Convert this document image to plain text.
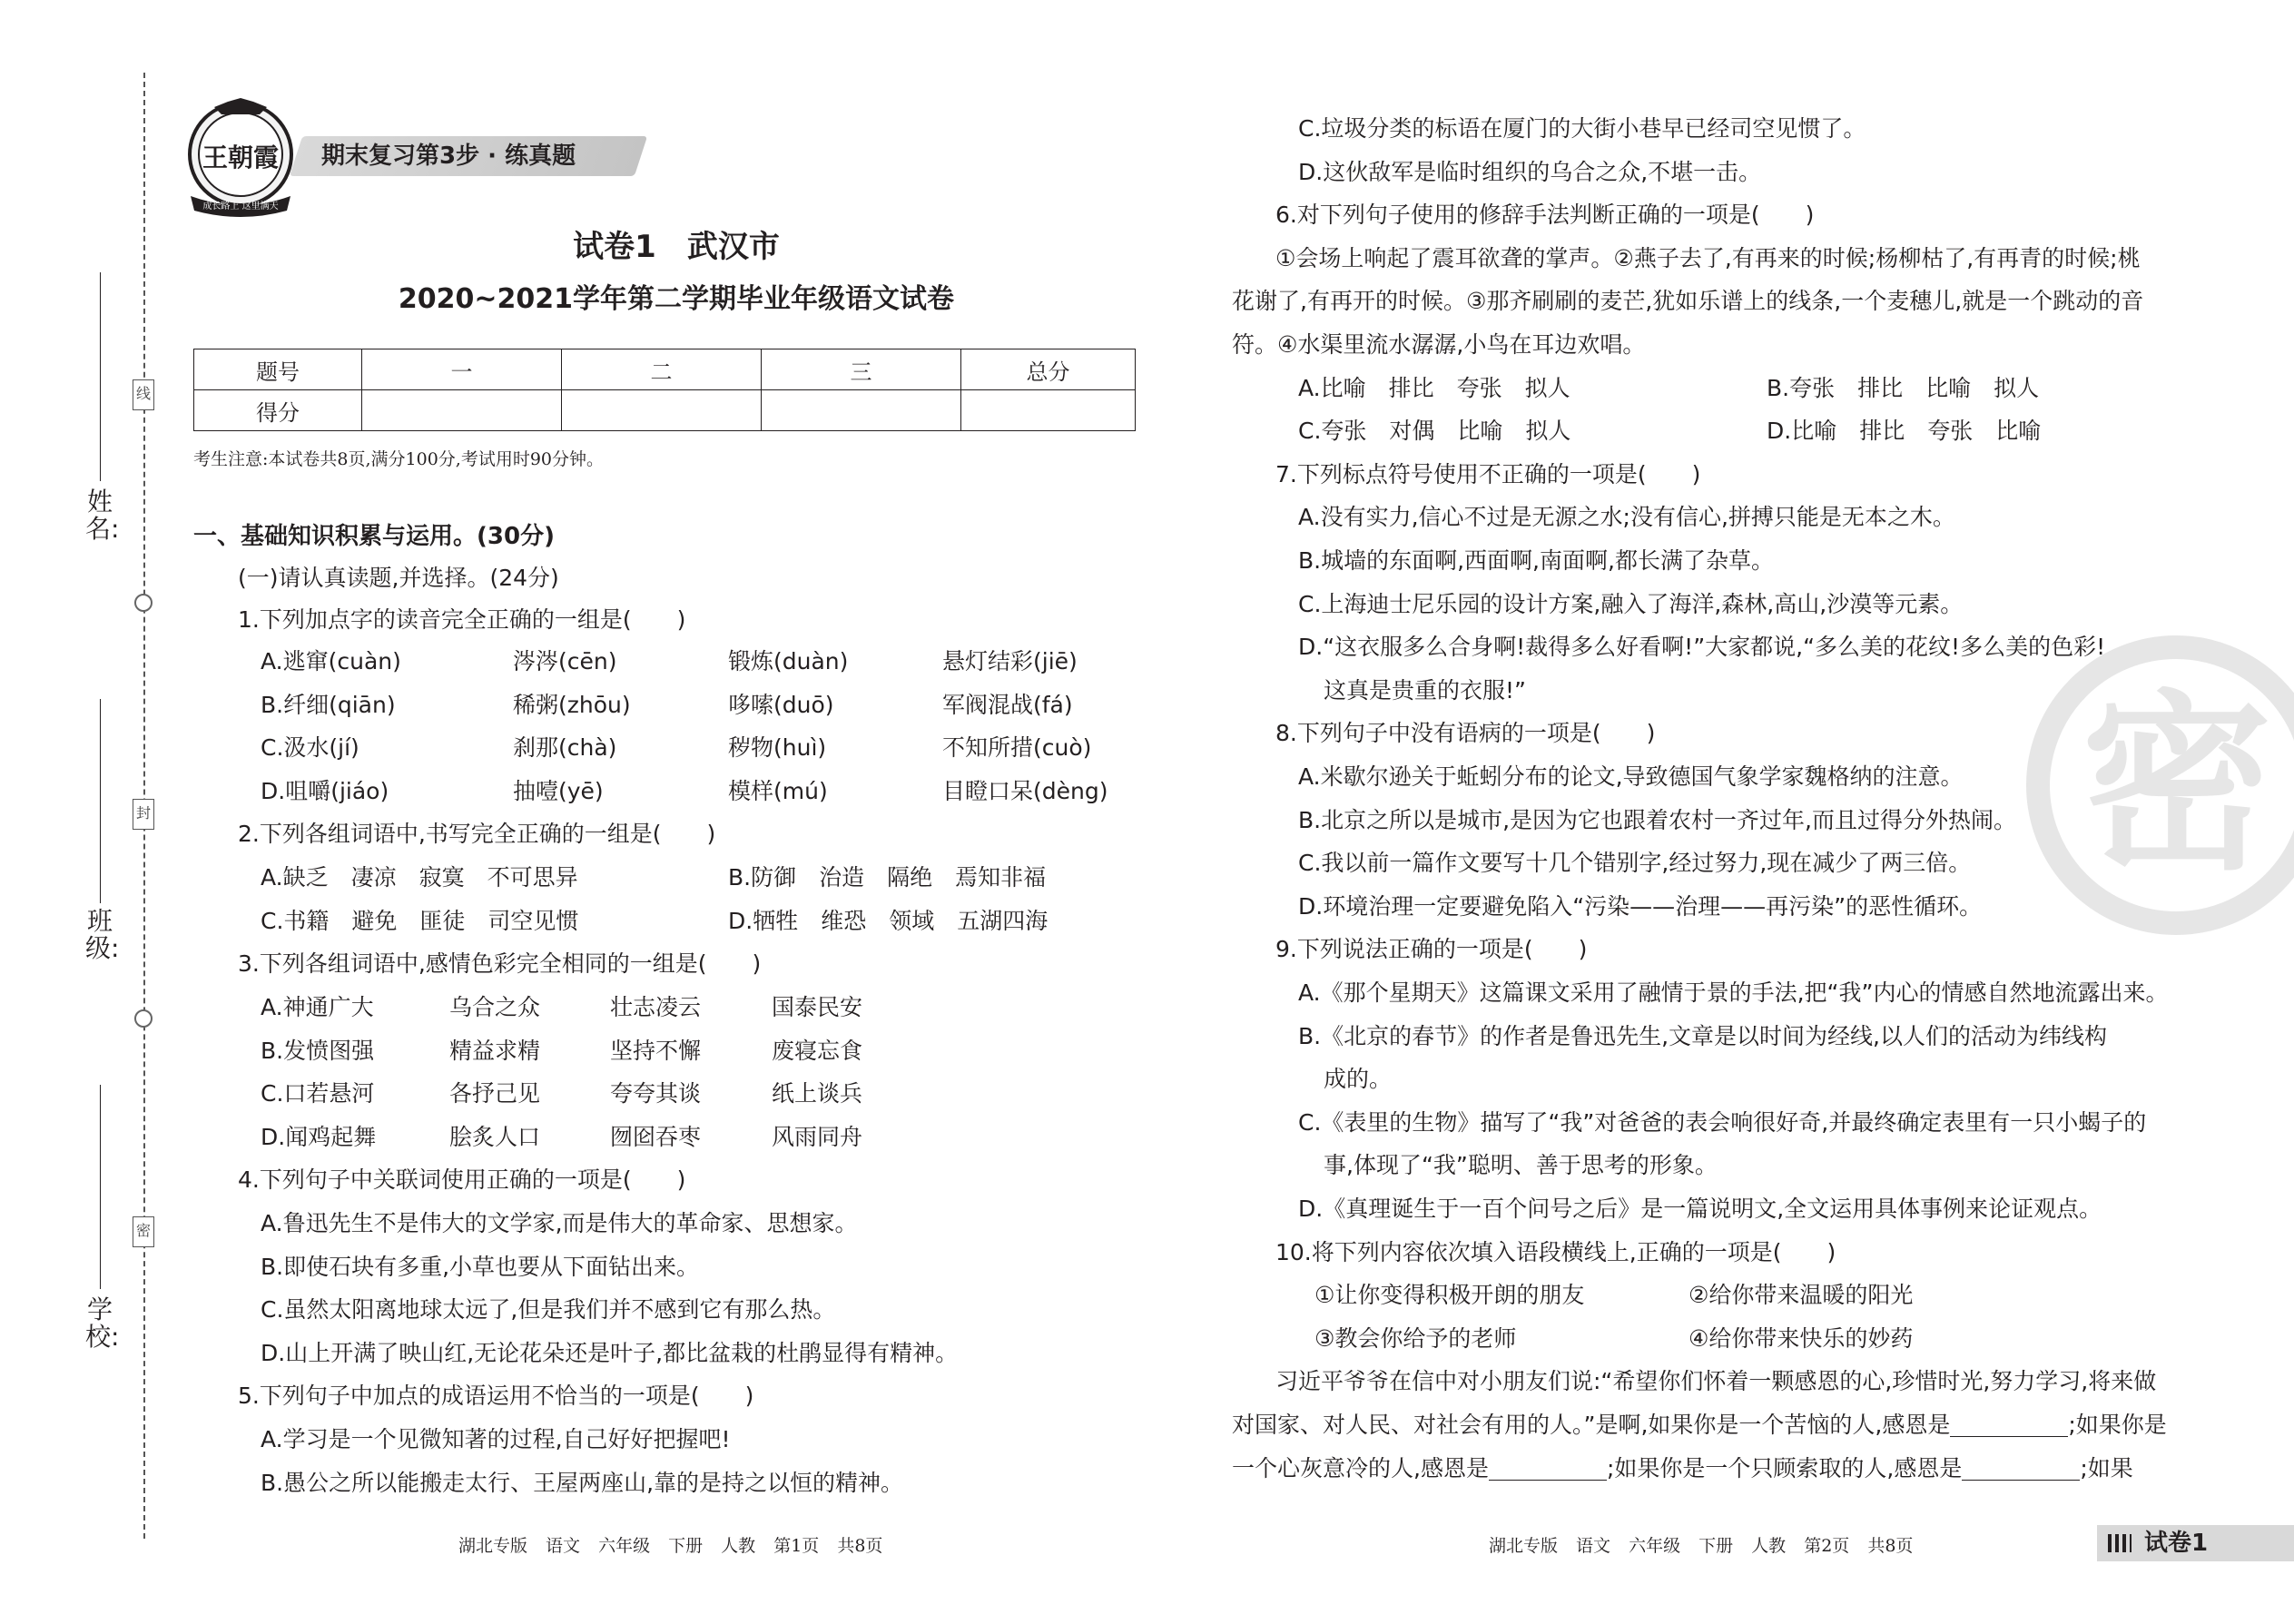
线
封
密
姓名:
班级:
学校:
王朝霞
成长路上 这里满天
期末复习第3步 · 练真题
试卷1　武汉市
2020~2021学年第二学期毕业年级语文试卷
题号	一	二	三	总分
得分				
考生注意:本试卷共8页,满分100分,考试用时90分钟。
一、基础知识积累与运用。(30分)
(一)请认真读题,并选择。(24分)
1.下列加点字的读音完全正确的一组是(　　)
A.逃窜(cuàn)	涔涔(cēn)	锻炼(duàn)	悬灯结彩(jiē)
B.纤细(qiān)	稀粥(zhōu)	哆嗦(duō)	军阀混战(fá)
C.汲水(jí)	刹那(chà)	秽物(huì)	不知所措(cuò)
D.咀嚼(jiáo)	抽噎(yē)	模样(mú)	目瞪口呆(dèng)
2.下列各组词语中,书写完全正确的一组是(　　)
A.缺乏　凄凉　寂寞　不可思异	B.防御　治造　隔绝　焉知非福
C.书籍　避免　匪徒　司空见惯	D.牺牲　维恐　领域　五湖四海
3.下列各组词语中,感情色彩完全相同的一组是(　　)
A.神通广大	乌合之众	壮志凌云	国泰民安
B.发愤图强	精益求精	坚持不懈	废寝忘食
C.口若悬河	各抒己见	夸夸其谈	纸上谈兵
D.闻鸡起舞	脍炙人口	囫囵吞枣	风雨同舟
4.下列句子中关联词使用正确的一项是(　　)
A.鲁迅先生不是伟大的文学家,而是伟大的革命家、思想家。
B.即使石块有多重,小草也要从下面钻出来。
C.虽然太阳离地球太远了,但是我们并不感到它有那么热。
D.山上开满了映山红,无论花朵还是叶子,都比盆栽的杜鹃显得有精神。
5.下列句子中加点的成语运用不恰当的一项是(　　)
A.学习是一个见微知著的过程,自己好好把握吧!
B.愚公之所以能搬走太行、王屋两座山,靠的是持之以恒的精神。
湖北专版 语文 六年级 下册 人教 第1页 共8页
密
C.垃圾分类的标语在厦门的大街小巷早已经司空见惯了。
D.这伙敌军是临时组织的乌合之众,不堪一击。
6.对下列句子使用的修辞手法判断正确的一项是(　　)
①会场上响起了震耳欲聋的掌声。②燕子去了,有再来的时候;杨柳枯了,有再青的时候;桃
花谢了,有再开的时候。③那齐刷刷的麦芒,犹如乐谱上的线条,一个麦穗儿,就是一个跳动的音
符。④水渠里流水潺潺,小鸟在耳边欢唱。
A.比喻　排比　夸张　拟人	B.夸张　排比　比喻　拟人
C.夸张　对偶　比喻　拟人	D.比喻　排比　夸张　比喻
7.下列标点符号使用不正确的一项是(　　)
A.没有实力,信心不过是无源之水;没有信心,拼搏只能是无本之木。
B.城墙的东面啊,西面啊,南面啊,都长满了杂草。
C.上海迪士尼乐园的设计方案,融入了海洋,森林,高山,沙漠等元素。
D.“这衣服多么合身啊!裁得多么好看啊!”大家都说,“多么美的花纹!多么美的色彩!
这真是贵重的衣服!”
8.下列句子中没有语病的一项是(　　)
A.米歇尔逊关于蚯蚓分布的论文,导致德国气象学家魏格纳的注意。
B.北京之所以是城市,是因为它也跟着农村一齐过年,而且过得分外热闹。
C.我以前一篇作文要写十几个错别字,经过努力,现在减少了两三倍。
D.环境治理一定要避免陷入“污染——治理——再污染”的恶性循环。
9.下列说法正确的一项是(　　)
A.《那个星期天》这篇课文采用了融情于景的手法,把“我”内心的情感自然地流露出来。
B.《北京的春节》的作者是鲁迅先生,文章是以时间为经线,以人们的活动为纬线构
成的。
C.《表里的生物》描写了“我”对爸爸的表会响很好奇,并最终确定表里有一只小蝎子的
事,体现了“我”聪明、善于思考的形象。
D.《真理诞生于一百个问号之后》是一篇说明文,全文运用具体事例来论证观点。
10.将下列内容依次填入语段横线上,正确的一项是(　　)
①让你变得积极开朗的朋友	②给你带来温暖的阳光
③教会你给予的老师	④给你带来快乐的妙药
习近平爷爷在信中对小朋友们说:“希望你们怀着一颗感恩的心,珍惜时光,努力学习,将来做
对国家、对人民、对社会有用的人。”是啊,如果你是一个苦恼的人,感恩是	;如果你是
一个心灰意冷的人,感恩是	;如果你是一个只顾索取的人,感恩是	;如果
湖北专版 语文 六年级 下册 人教 第2页 共8页	试卷1
